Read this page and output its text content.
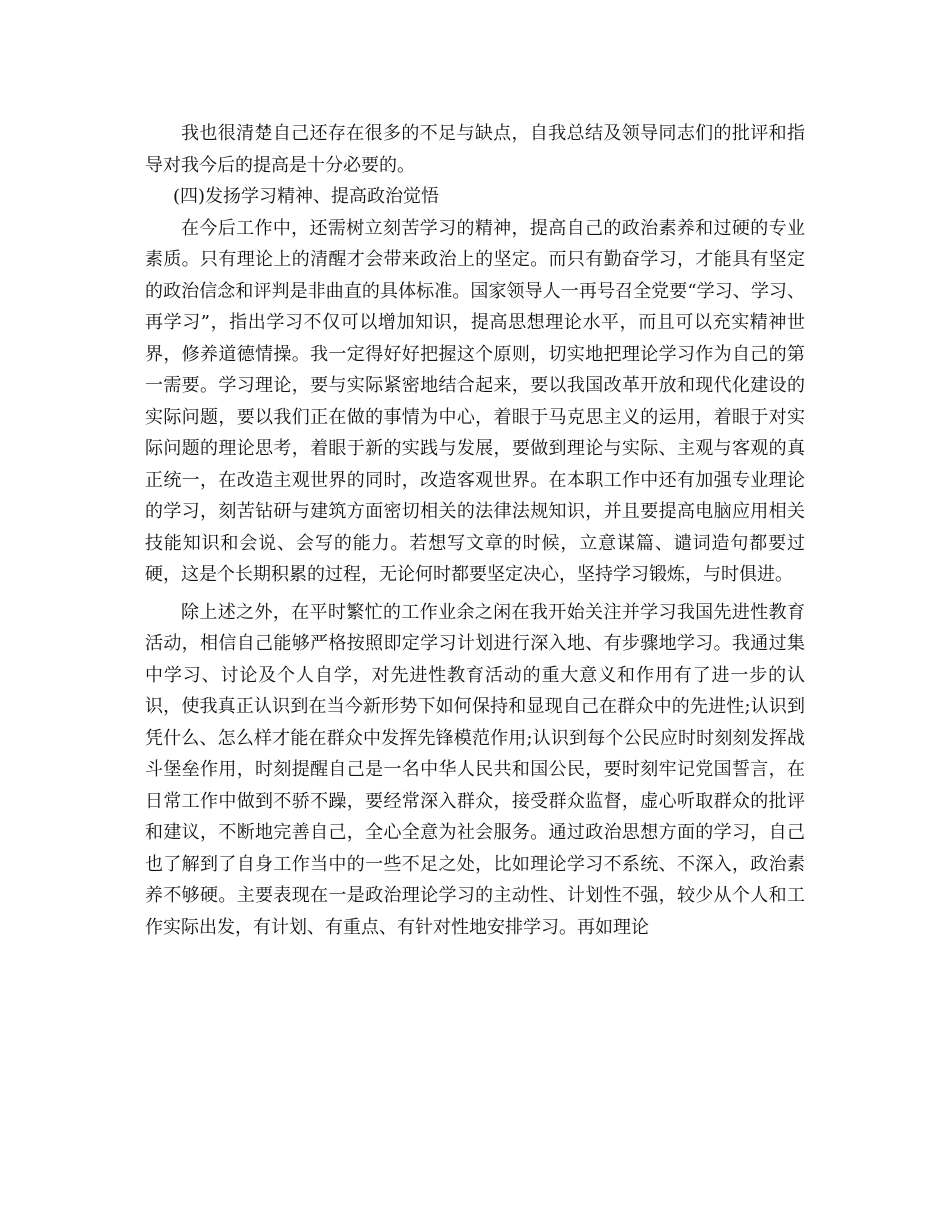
我也很清楚自己还存在很多的不足与缺点，自我总结及领导同志们的批评和指导对我今后的提高是十分必要的。

(四)发扬学习精神、提高政治觉悟

在今后工作中，还需树立刻苦学习的精神，提高自己的政治素养和过硬的专业素质。只有理论上的清醒才会带来政治上的坚定。而只有勤奋学习，才能具有坚定的政治信念和评判是非曲直的具体标准。国家领导人一再号召全党要“学习、学习、再学习”，指出学习不仅可以增加知识，提高思想理论水平，而且可以充实精神世界，修养道德情操。我一定得好好把握这个原则，切实地把理论学习作为自己的第一需要。学习理论，要与实际紧密地结合起来，要以我国改革开放和现代化建设的实际问题，要以我们正在做的事情为中心，着眼于马克思主义的运用，着眼于对实际问题的理论思考，着眼于新的实践与发展，要做到理论与实际、主观与客观的真正统一，在改造主观世界的同时，改造客观世界。在本职工作中还有加强专业理论的学习，刻苦钻研与建筑方面密切相关的法律法规知识，并且要提高电脑应用相关技能知识和会说、会写的能力。若想写文章的时候，立意谋篇、谴词造句都要过硬，这是个长期积累的过程，无论何时都要坚定决心，坚持学习锻炼，与时俱进。

除上述之外，在平时繁忙的工作业余之闲在我开始关注并学习我国先进性教育活动，相信自己能够严格按照即定学习计划进行深入地、有步骤地学习。我通过集中学习、讨论及个人自学，对先进性教育活动的重大意义和作用有了进一步的认识，使我真正认识到在当今新形势下如何保持和显现自己在群众中的先进性;认识到凭什么、怎么样才能在群众中发挥先锋模范作用;认识到每个公民应时时刻刻发挥战斗堡垒作用，时刻提醒自己是一名中华人民共和国公民，要时刻牢记党国誓言，在日常工作中做到不骄不躁，要经常深入群众，接受群众监督，虚心听取群众的批评和建议，不断地完善自己，全心全意为社会服务。通过政治思想方面的学习，自己也了解到了自身工作当中的一些不足之处，比如理论学习不系统、不深入，政治素养不够硬。主要表现在一是政治理论学习的主动性、计划性不强，较少从个人和工作实际出发，有计划、有重点、有针对性地安排学习。再如理论
